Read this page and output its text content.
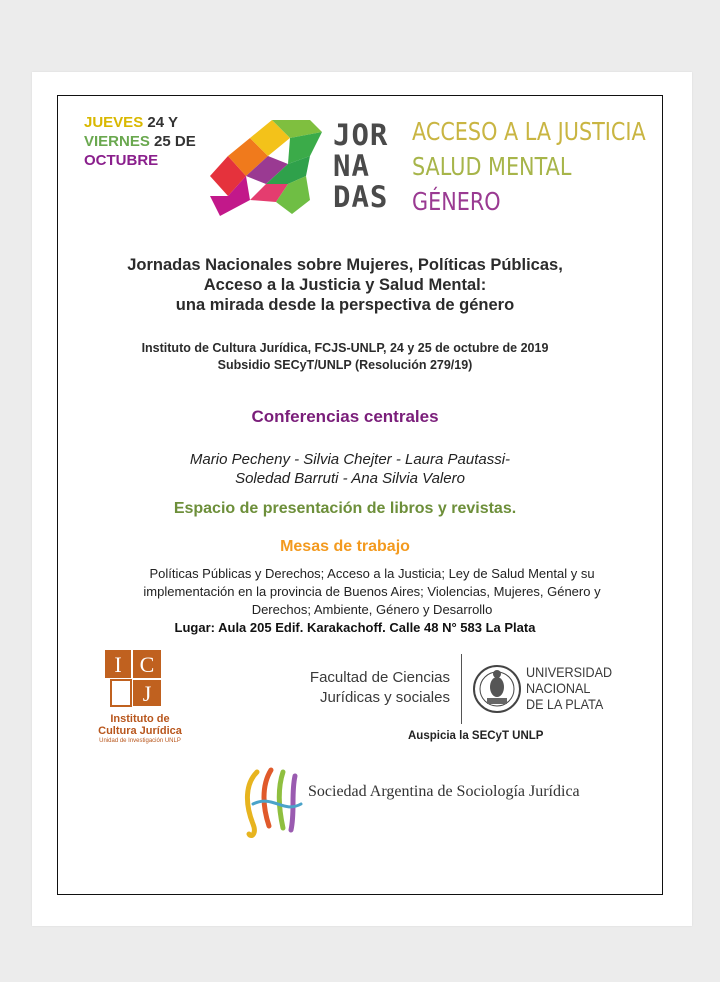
JUEVES 24 Y
VIERNES 25 DE
OCTUBRE
JOR
NA
DAS
ACCESO A LA JUSTICIA
SALUD MENTAL
GÉNERO
Jornadas Nacionales sobre Mujeres, Políticas Públicas,
Acceso a la Justicia y Salud Mental:
una mirada desde la perspectiva de género
Instituto de Cultura Jurídica, FCJS-UNLP, 24 y 25 de octubre de 2019
Subsidio SECyT/UNLP (Resolución 279/19)
Conferencias centrales
Mario Pecheny - Silvia Chejter - Laura Pautassi-
Soledad Barruti - Ana Silvia Valero
Espacio de presentación de libros y revistas.
Mesas de trabajo
Políticas Públicas y Derechos; Acceso a la Justicia; Ley de Salud Mental y su
implementación en la provincia de Buenos Aires; Violencias, Mujeres, Género y
Derechos; Ambiente, Género y Desarrollo
Lugar: Aula 205 Edif. Karakachoff. Calle 48 N° 583 La Plata
I C
J
Instituto de
Cultura Jurídica
Unidad de Investigación UNLP
Facultad de Ciencias
Jurídicas y sociales
UNIVERSIDAD
NACIONAL
DE LA PLATA
Auspicia la SECyT UNLP
Sociedad Argentina de Sociología Jurídica
